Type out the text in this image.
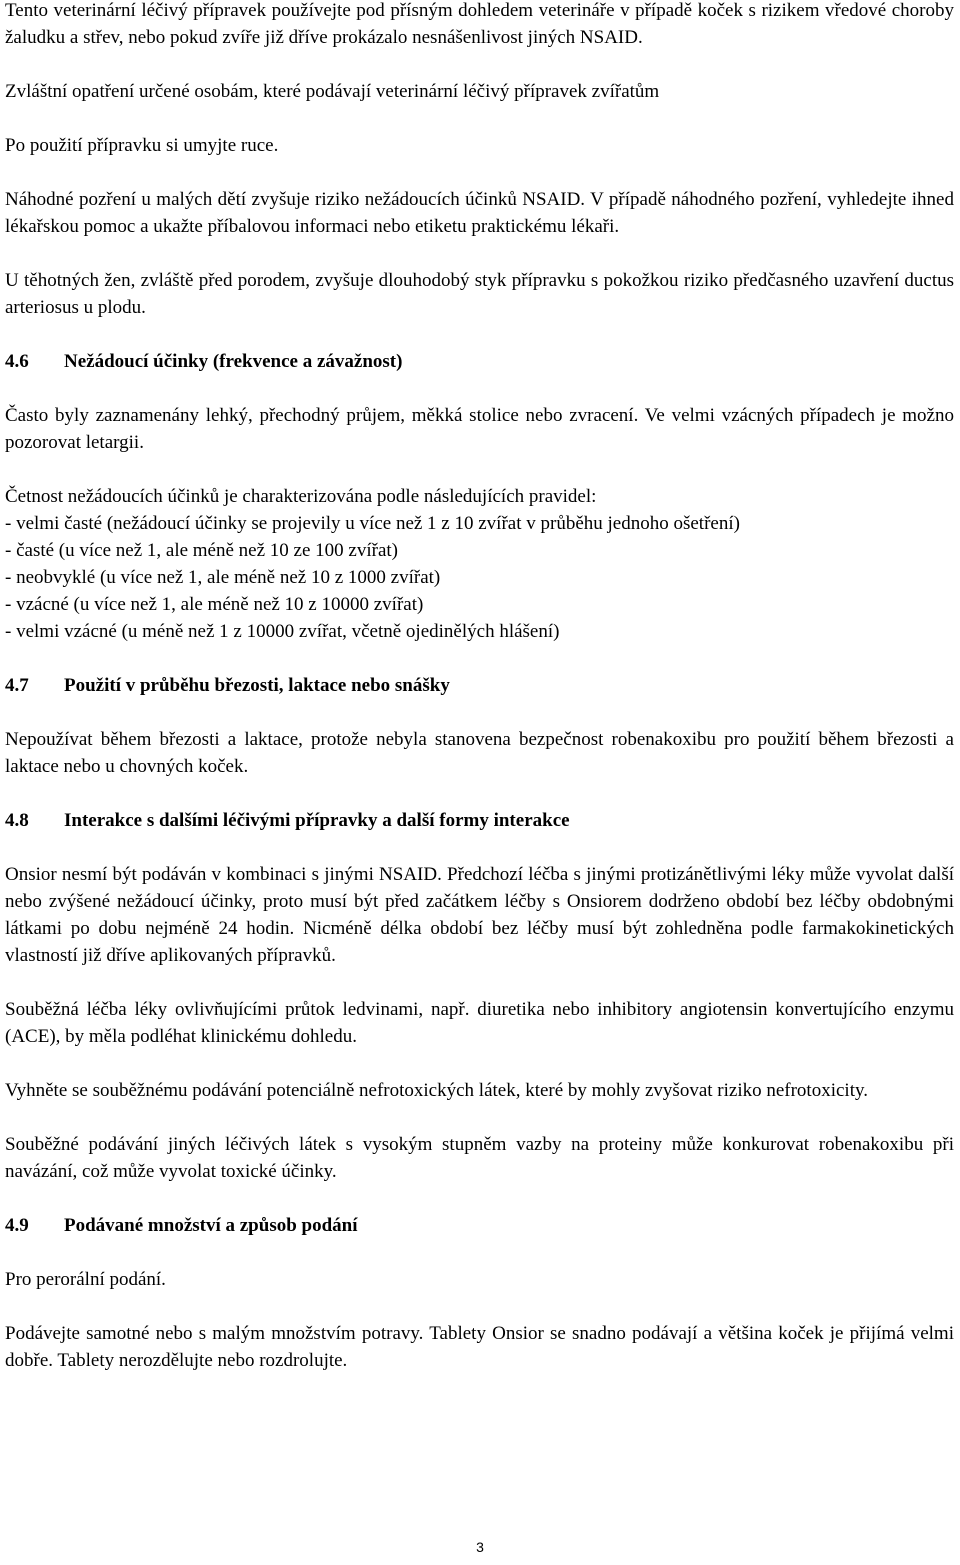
Tento veterinární léčivý přípravek používejte pod přísným dohledem veterináře v případě koček s rizikem vředové choroby žaludku a střev, nebo pokud zvíře již dříve prokázalo nesnášenlivost jiných NSAID.

Zvláštní opatření určené osobám, které podávají veterinární léčivý přípravek zvířatům

Po použití přípravku si umyjte ruce.

Náhodné pozření u malých dětí zvyšuje riziko nežádoucích účinků NSAID. V případě náhodného pozření, vyhledejte ihned lékařskou pomoc a ukažte příbalovou informaci nebo etiketu praktickému lékaři.

U těhotných žen, zvláště před porodem, zvyšuje dlouhodobý styk přípravku s pokožkou riziko předčasného uzavření ductus arteriosus u plodu.

4.6 Nežádoucí účinky (frekvence a závažnost)

Často byly zaznamenány lehký, přechodný průjem, měkká stolice nebo zvracení. Ve velmi vzácných případech je možno pozorovat letargii.

Četnost nežádoucích účinků je charakterizována podle následujících pravidel:
- velmi časté (nežádoucí účinky se projevily u více než 1 z 10 zvířat v průběhu jednoho ošetření)
- časté (u více než 1, ale méně než 10 ze 100 zvířat)
- neobvyklé (u více než 1, ale méně než 10 z 1000 zvířat)
- vzácné (u více než 1, ale méně než 10 z 10000 zvířat)
- velmi vzácné (u méně než 1 z 10000 zvířat, včetně ojedinělých hlášení)

4.7 Použití v průběhu březosti, laktace nebo snášky

Nepoužívat během březosti a laktace, protože nebyla stanovena bezpečnost robenakoxibu pro použití během březosti a laktace nebo u chovných koček.

4.8 Interakce s dalšími léčivými přípravky a další formy interakce

Onsior nesmí být podáván v kombinaci s jinými NSAID. Předchozí léčba s jinými protizánětlivými léky může vyvolat další nebo zvýšené nežádoucí účinky, proto musí být před začátkem léčby s Onsiorem dodrženo období bez léčby obdobnými látkami po dobu nejméně 24 hodin. Nicméně délka období bez léčby musí být zohledněna podle farmakokinetických vlastností již dříve aplikovaných přípravků.

Souběžná léčba léky ovlivňujícími průtok ledvinami, např. diuretika nebo inhibitory angiotensin konvertujícího enzymu (ACE), by měla podléhat klinickému dohledu.

Vyhněte se souběžnému podávání potenciálně nefrotoxických látek, které by mohly zvyšovat riziko nefrotoxicity.

Souběžné podávání jiných léčivých látek s vysokým stupněm vazby na proteiny může konkurovat robenakoxibu při navázání, což může vyvolat toxické účinky.

4.9 Podávané množství a způsob podání

Pro perorální podání.

Podávejte samotné nebo s malým množstvím potravy. Tablety Onsior se snadno podávají a většina koček je přijímá velmi dobře. Tablety nerozdělujte nebo rozdrolujte.

3
